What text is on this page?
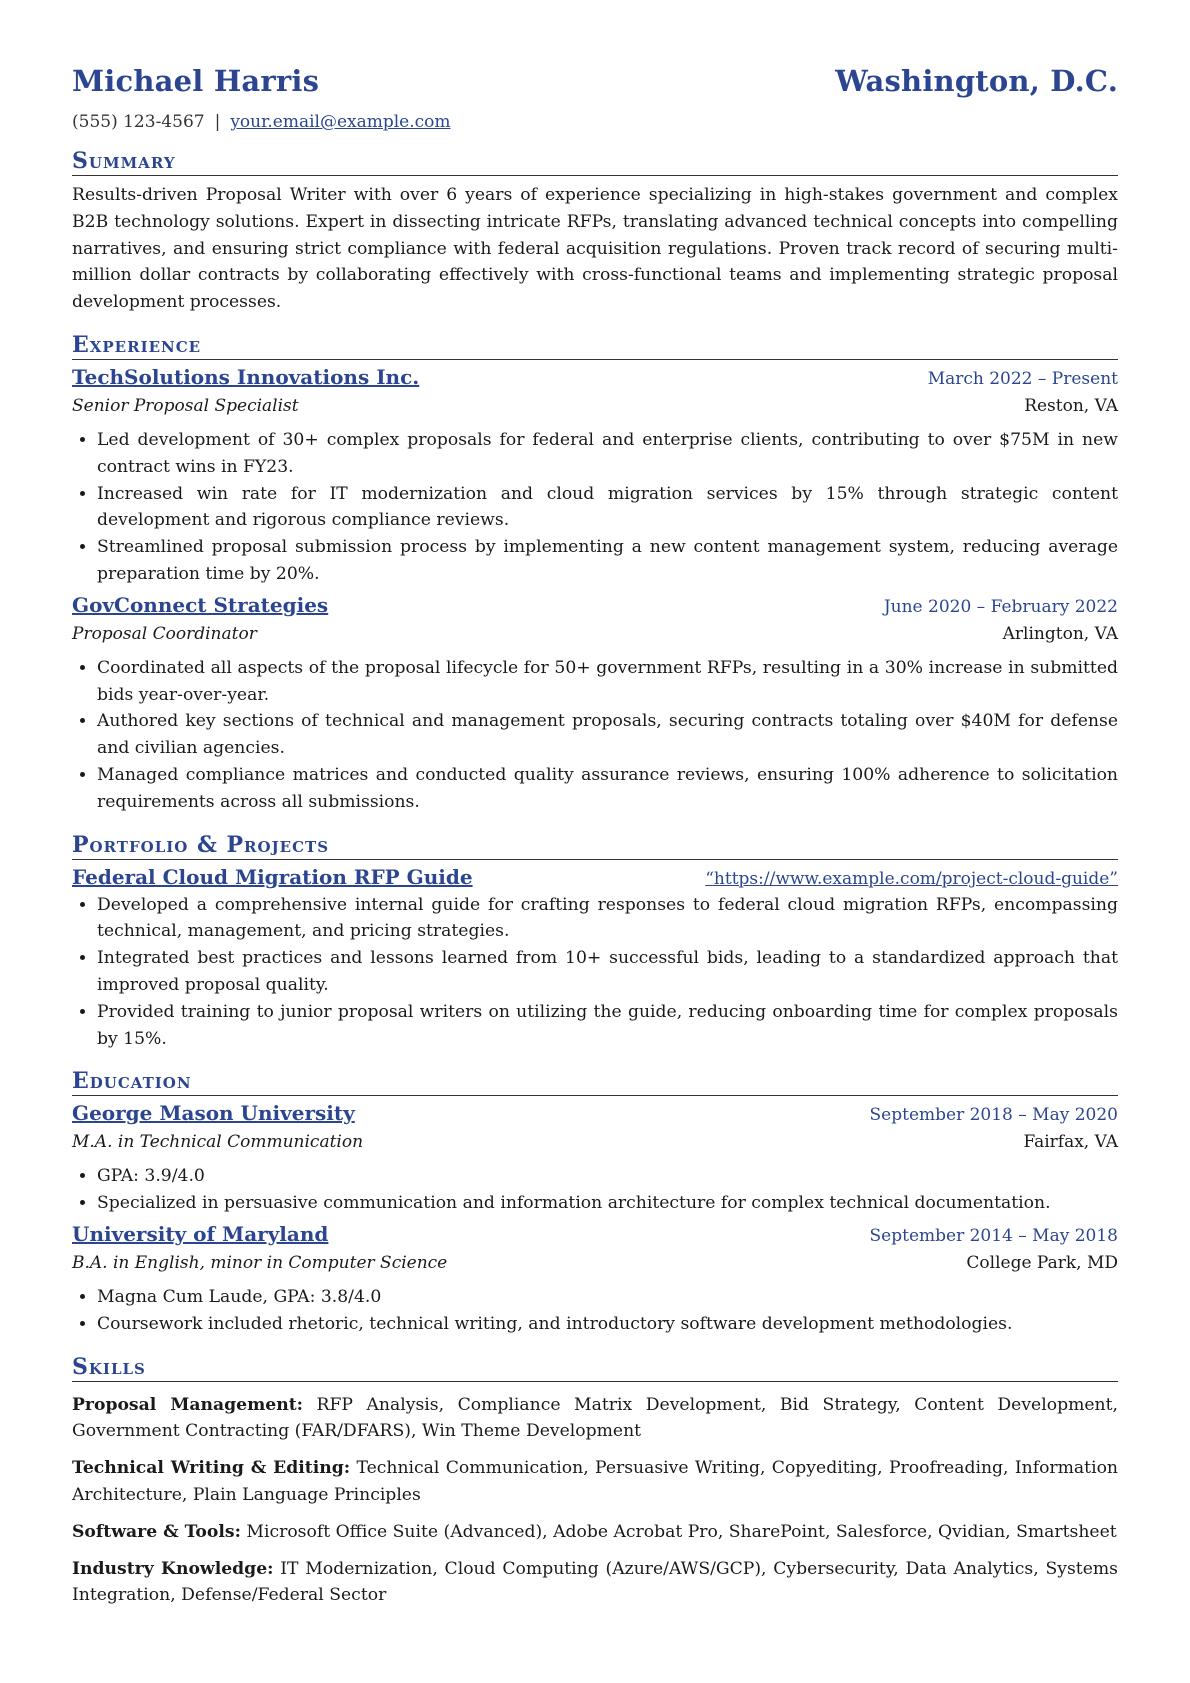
Michael Harris	Washington, D.C.
(555) 123-4567 | your.email@example.com
Summary
Results-driven Proposal Writer with over 6 years of experience specializing in high-stakes government and complex B2B technology solutions. Expert in dissecting intricate RFPs, translating advanced technical concepts into compelling narratives, and ensuring strict compliance with federal acquisition regulations. Proven track record of securing multi-million dollar contracts by collaborating effectively with cross-functional teams and implementing strategic proposal development processes.
Experience
TechSolutions Innovations Inc.	March 2022 – Present
Senior Proposal Specialist	Reston, VA
• Led development of 30+ complex proposals for federal and enterprise clients, contributing to over $75M in new contract wins in FY23.
• Increased win rate for IT modernization and cloud migration services by 15% through strategic content development and rigorous compliance reviews.
• Streamlined proposal submission process by implementing a new content management system, reducing average preparation time by 20%.
GovConnect Strategies	June 2020 – February 2022
Proposal Coordinator	Arlington, VA
• Coordinated all aspects of the proposal lifecycle for 50+ government RFPs, resulting in a 30% increase in submitted bids year-over-year.
• Authored key sections of technical and management proposals, securing contracts totaling over $40M for defense and civilian agencies.
• Managed compliance matrices and conducted quality assurance reviews, ensuring 100% adherence to solicitation requirements across all submissions.
Portfolio & Projects
Federal Cloud Migration RFP Guide	“https://www.example.com/project-cloud-guide”
• Developed a comprehensive internal guide for crafting responses to federal cloud migration RFPs, encompassing technical, management, and pricing strategies.
• Integrated best practices and lessons learned from 10+ successful bids, leading to a standardized approach that improved proposal quality.
• Provided training to junior proposal writers on utilizing the guide, reducing onboarding time for complex proposals by 15%.
Education
George Mason University	September 2018 – May 2020
M.A. in Technical Communication	Fairfax, VA
• GPA: 3.9/4.0
• Specialized in persuasive communication and information architecture for complex technical documentation.
University of Maryland	September 2014 – May 2018
B.A. in English, minor in Computer Science	College Park, MD
• Magna Cum Laude, GPA: 3.8/4.0
• Coursework included rhetoric, technical writing, and introductory software development methodologies.
Skills
Proposal Management: RFP Analysis, Compliance Matrix Development, Bid Strategy, Content Development, Government Contracting (FAR/DFARS), Win Theme Development
Technical Writing & Editing: Technical Communication, Persuasive Writing, Copyediting, Proofreading, Information Architecture, Plain Language Principles
Software & Tools: Microsoft Office Suite (Advanced), Adobe Acrobat Pro, SharePoint, Salesforce, Qvidian, Smartsheet
Industry Knowledge: IT Modernization, Cloud Computing (Azure/AWS/GCP), Cybersecurity, Data Analytics, Systems Integration, Defense/Federal Sector
